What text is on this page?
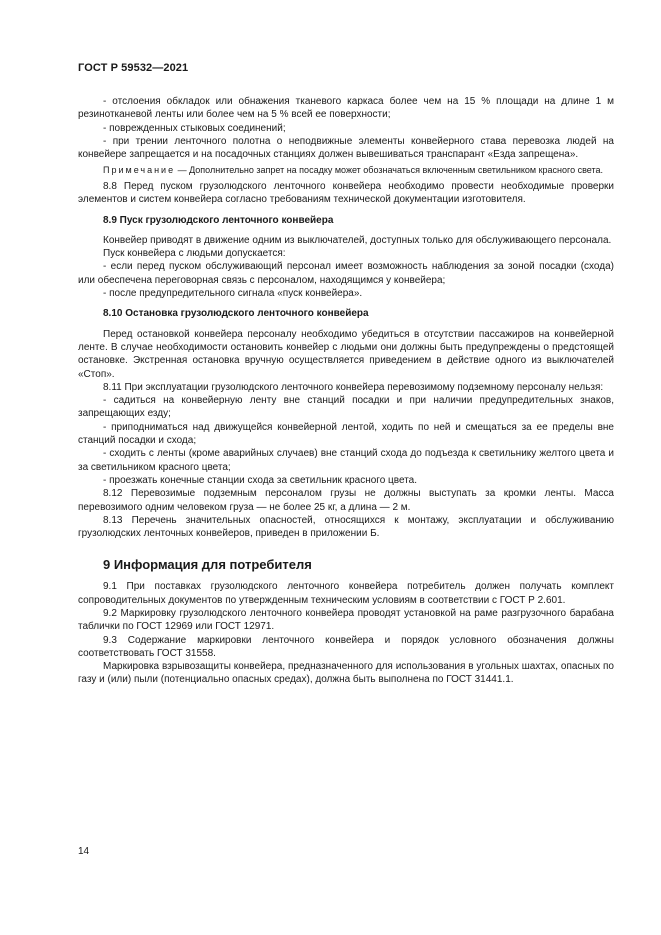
ГОСТ Р 59532—2021

- отслоения обкладок или обнажения тканевого каркаса более чем на 15 % площади на длине 1 м резинотканевой ленты или более чем на 5 % всей ее поверхности;

- поврежденных стыковых соединений;

- при трении ленточного полотна о неподвижные элементы конвейерного става перевозка людей на конвейере запрещается и на посадочных станциях должен вывешиваться транспарант «Езда запрещена».

Примечание — Дополнительно запрет на посадку может обозначаться включенным светильником красного света.

8.8 Перед пуском грузолюдского ленточного конвейера необходимо провести необходимые проверки элементов и систем конвейера согласно требованиям технической документации изготовителя.

8.9 Пуск грузолюдского ленточного конвейера

Конвейер приводят в движение одним из выключателей, доступных только для обслуживающего персонала.

Пуск конвейера с людьми допускается:

- если перед пуском обслуживающий персонал имеет возможность наблюдения за зоной посадки (схода) или обеспечена переговорная связь с персоналом, находящимся у конвейера;

- после предупредительного сигнала «пуск конвейера».

8.10 Остановка грузолюдского ленточного конвейера

Перед остановкой конвейера персоналу необходимо убедиться в отсутствии пассажиров на конвейерной ленте. В случае необходимости остановить конвейер с людьми они должны быть предупреждены о предстоящей остановке. Экстренная остановка вручную осуществляется приведением в действие одного из выключателей «Стоп».

8.11 При эксплуатации грузолюдского ленточного конвейера перевозимому подземному персоналу нельзя:

- садиться на конвейерную ленту вне станций посадки и при наличии предупредительных знаков, запрещающих езду;

- приподниматься над движущейся конвейерной лентой, ходить по ней и смещаться за ее пределы вне станций посадки и схода;

- сходить с ленты (кроме аварийных случаев) вне станций схода до подъезда к светильнику желтого цвета и за светильником красного цвета;

- проезжать конечные станции схода за светильник красного цвета.

8.12 Перевозимые подземным персоналом грузы не должны выступать за кромки ленты. Масса перевозимого одним человеком груза — не более 25 кг, а длина — 2 м.

8.13 Перечень значительных опасностей, относящихся к монтажу, эксплуатации и обслуживанию грузолюдских ленточных конвейеров, приведен в приложении Б.

9 Информация для потребителя

9.1 При поставках грузолюдского ленточного конвейера потребитель должен получать комплект сопроводительных документов по утвержденным техническим условиям в соответствии с ГОСТ Р 2.601.

9.2 Маркировку грузолюдского ленточного конвейера проводят установкой на раме разгрузочного барабана таблички по ГОСТ 12969 или ГОСТ 12971.

9.3 Содержание маркировки ленточного конвейера и порядок условного обозначения должны соответствовать ГОСТ 31558.

Маркировка взрывозащиты конвейера, предназначенного для использования в угольных шахтах, опасных по газу и (или) пыли (потенциально опасных средах), должна быть выполнена по ГОСТ 31441.1.

14
